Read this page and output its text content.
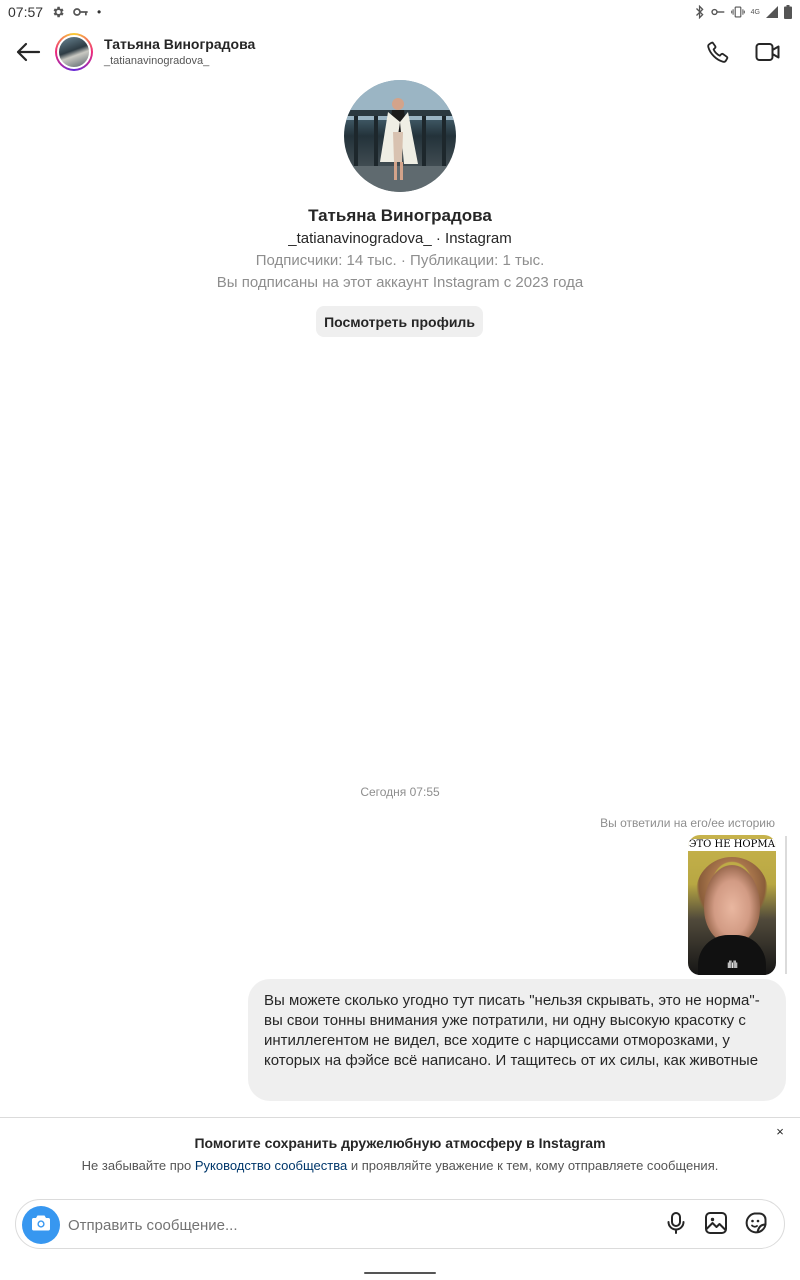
07:57	•	4G
Татьяна Виноградова
_tatianavinogradova_
Татьяна Виноградова
_tatianavinogradova_ · Instagram
Подписчики: 14 тыс. · Публикации: 1 тыс.
Вы подписаны на этот аккаунт Instagram с 2023 года
Посмотреть профиль
Сегодня 07:55
Вы ответили на его/ее историю
ЭТО НЕ НОРМА
ıllıllı
Вы можете сколько угодно тут писать "нельзя скрывать, это не норма"- вы свои тонны внимания уже потратили, ни одну высокую красотку с интиллегентом не видел, все ходите с нарциссами отморозками, у которых на фэйсе всё написано. И тащитесь от их силы, как животные
×
Помогите сохранить дружелюбную атмосферу в Instagram
Не забывайте про Руководство сообщества и проявляйте уважение к тем, кому отправляете сообщения.
Отправить сообщение...
